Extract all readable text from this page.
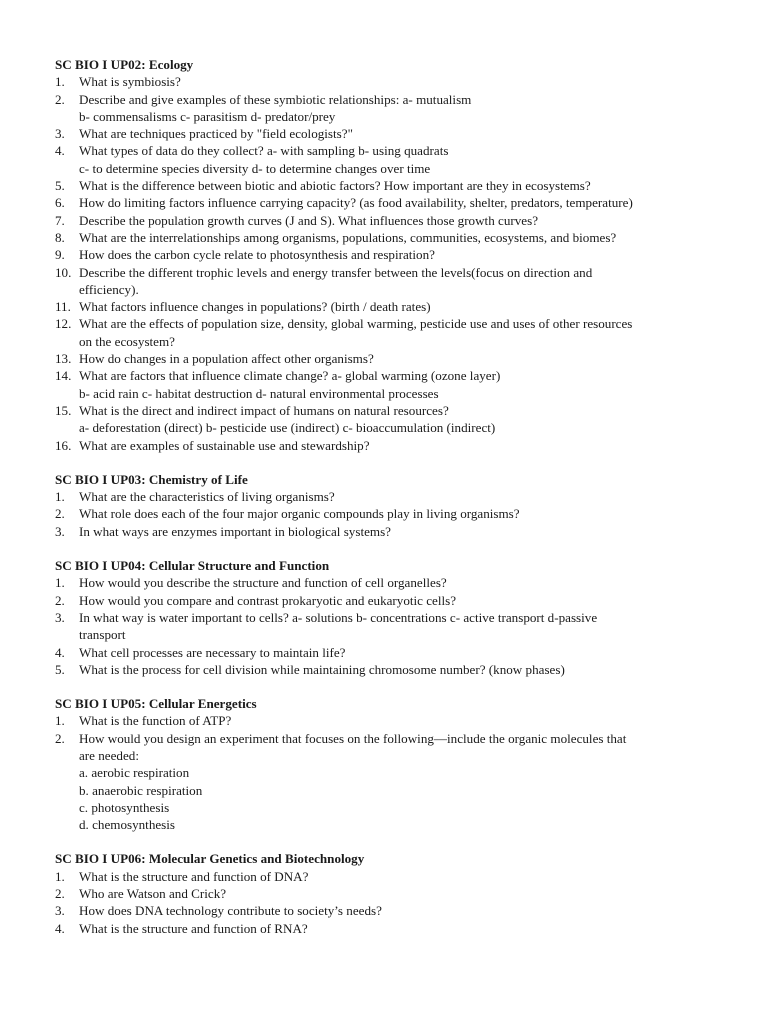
SC BIO I UP02: Ecology
1.	What is symbiosis?
2.	Describe and give examples of these symbiotic relationships: a- mutualism
b- commensalisms c- parasitism d- predator/prey
3.	What are techniques practiced by "field ecologists?"
4.	What types of data do they collect? a- with sampling b- using quadrats
c- to determine species diversity d- to determine changes over time
5.	What is the difference between biotic and abiotic factors? How important are they in ecosystems?
6.	How do limiting factors influence carrying capacity? (as food availability, shelter, predators, temperature)
7.	Describe the population growth curves (J and S). What influences those growth curves?
8.	What are the interrelationships among organisms, populations, communities, ecosystems, and biomes?
9.	How does the carbon cycle relate to photosynthesis and respiration?
10. Describe the different trophic levels and energy transfer between the levels(focus on direction and
efficiency).
11. What factors influence changes in populations? (birth / death rates)
12. What are the effects of population size, density, global warming, pesticide use and uses of other resources
on the ecosystem?
13. How do changes in a population affect other organisms?
14. What are factors that influence climate change? a- global warming (ozone layer)
b- acid rain c- habitat destruction d- natural environmental processes
15. What is the direct and indirect impact of humans on natural resources?
a- deforestation (direct) b- pesticide use (indirect) c- bioaccumulation (indirect)
16. What are examples of sustainable use and stewardship?
SC BIO I UP03: Chemistry of Life
1.	What are the characteristics of living organisms?
2.	What role does each of the four major organic compounds play in living organisms?
3.	In what ways are enzymes important in biological systems?
SC BIO I UP04: Cellular Structure and Function
1.	How would you describe the structure and function of cell organelles?
2.	How would you compare and contrast prokaryotic and eukaryotic cells?
3.	In what way is water important to cells? a- solutions b- concentrations c- active transport d-passive
transport
4.	What cell processes are necessary to maintain life?
5.	What is the process for cell division while maintaining chromosome number? (know phases)
SC BIO I UP05: Cellular Energetics
1.	What is the function of ATP?
2.	How would you design an experiment that focuses on the following—include the organic molecules that
are needed:
a. aerobic respiration
b. anaerobic respiration
c. photosynthesis
d. chemosynthesis
SC BIO I UP06: Molecular Genetics and Biotechnology
1.	What is the structure and function of DNA?
2.	Who are Watson and Crick?
3.	How does DNA technology contribute to society’s needs?
4.	What is the structure and function of RNA?
